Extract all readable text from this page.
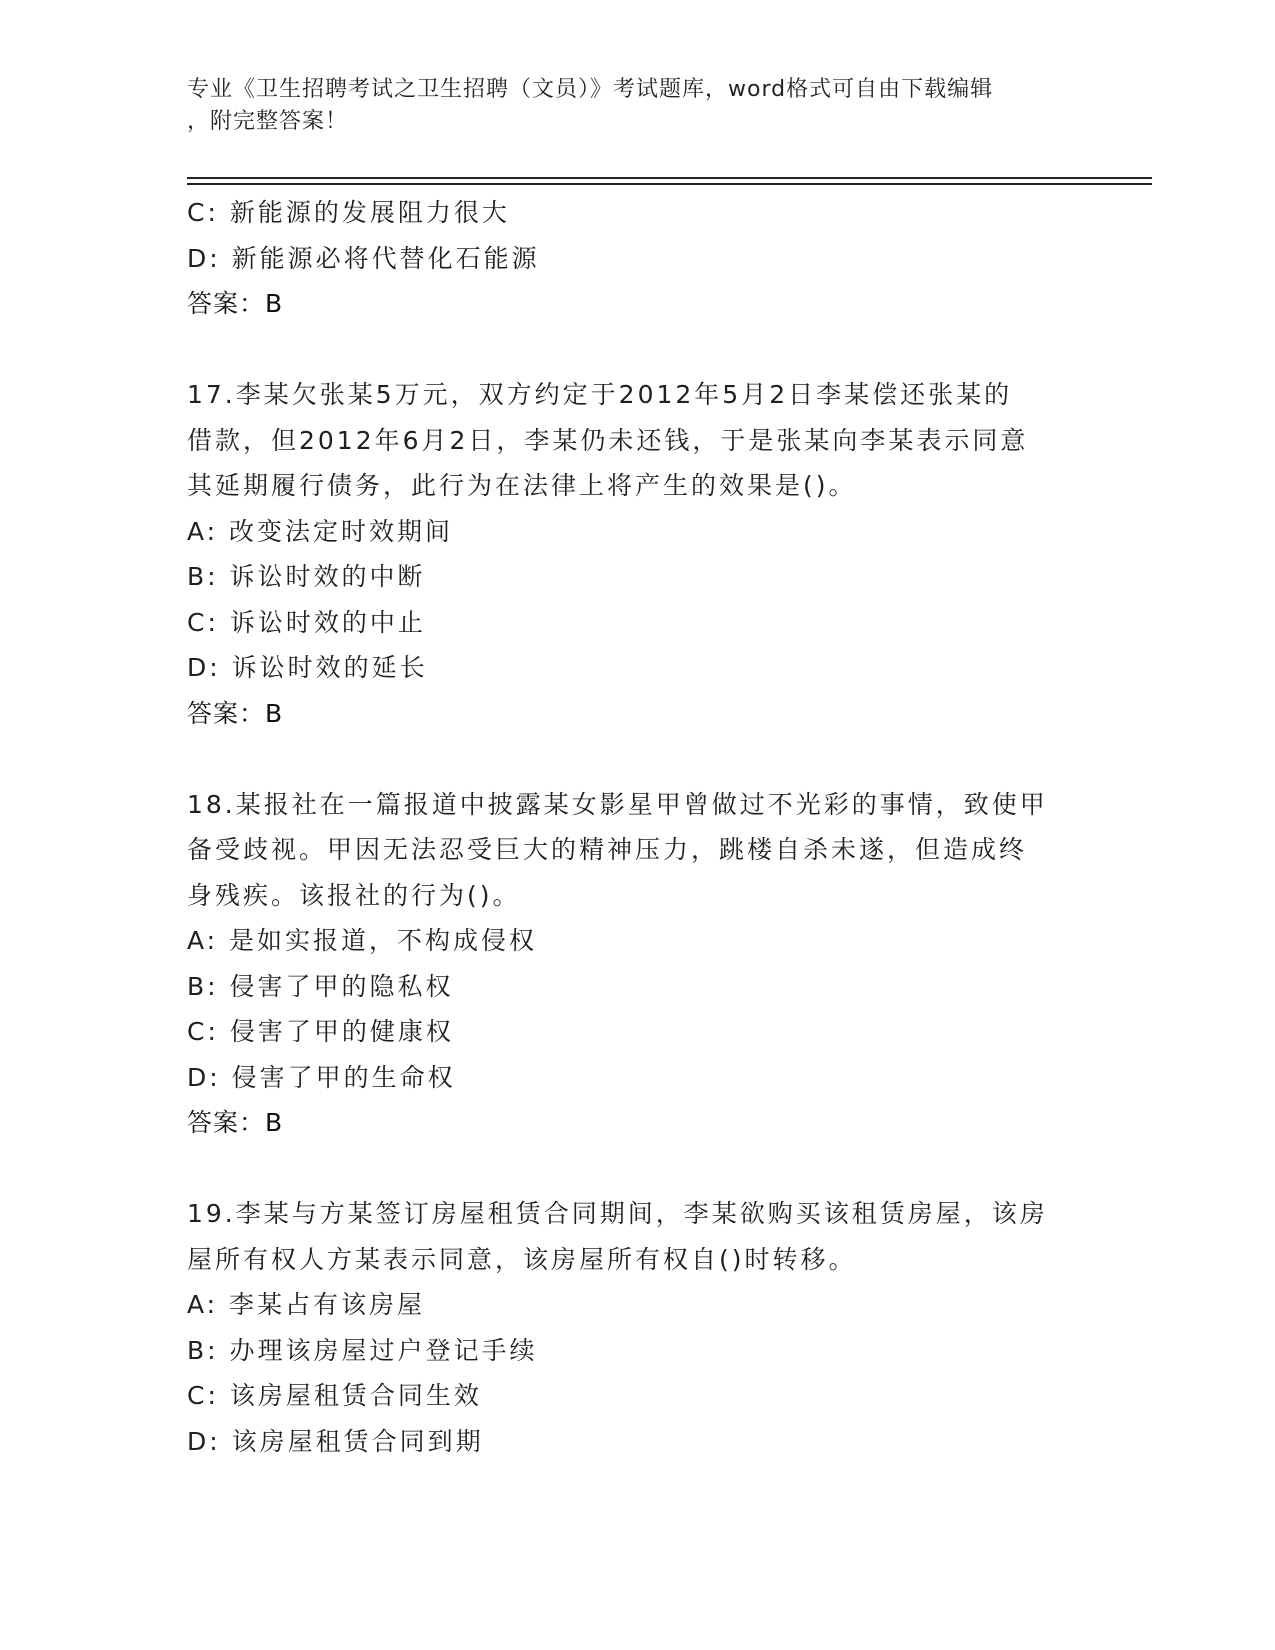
专业《卫生招聘考试之卫生招聘（文员）》考试题库，word格式可自由下载编辑
，附完整答案！
C: 新能源的发展阻力很大
D: 新能源必将代替化石能源
答案：B
17.李某欠张某5万元，双方约定于2012年5月2日李某偿还张某的
借款，但2012年6月2日，李某仍未还钱，于是张某向李某表示同意
其延期履行债务，此行为在法律上将产生的效果是()。
A: 改变法定时效期间
B: 诉讼时效的中断
C: 诉讼时效的中止
D: 诉讼时效的延长
答案：B
18.某报社在一篇报道中披露某女影星甲曾做过不光彩的事情，致使甲
备受歧视。甲因无法忍受巨大的精神压力，跳楼自杀未遂，但造成终
身残疾。该报社的行为()。
A: 是如实报道，不构成侵权
B: 侵害了甲的隐私权
C: 侵害了甲的健康权
D: 侵害了甲的生命权
答案：B
19.李某与方某签订房屋租赁合同期间，李某欲购买该租赁房屋，该房
屋所有权人方某表示同意，该房屋所有权自()时转移。
A: 李某占有该房屋
B: 办理该房屋过户登记手续
C: 该房屋租赁合同生效
D: 该房屋租赁合同到期
